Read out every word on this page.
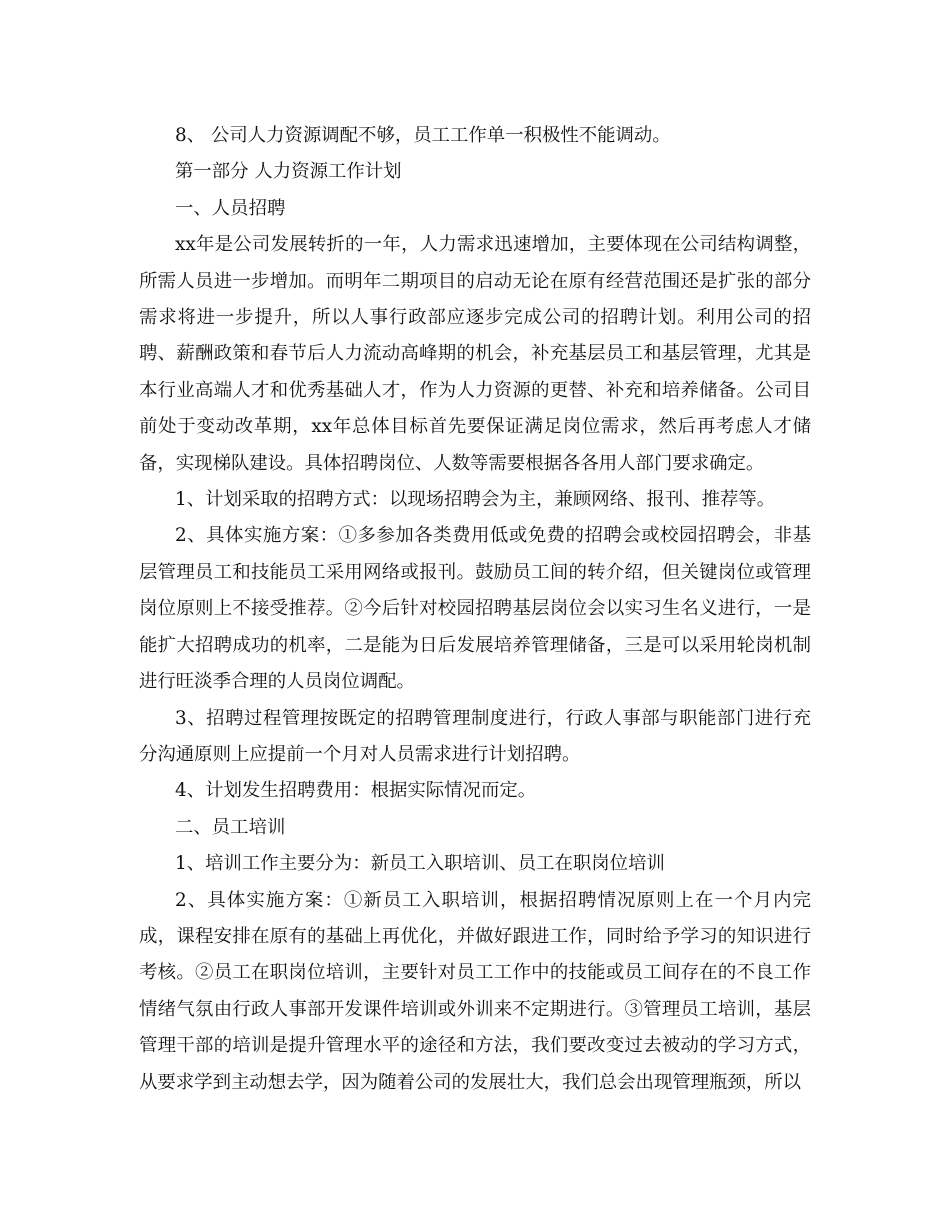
8、 公司人力资源调配不够，员工工作单一积极性不能调动。

第一部分 人力资源工作计划

一、人员招聘

xx年是公司发展转折的一年，人力需求迅速增加，主要体现在公司结构调整，所需人员进一步增加。而明年二期项目的启动无论在原有经营范围还是扩张的部分需求将进一步提升，所以人事行政部应逐步完成公司的招聘计划。利用公司的招聘、薪酬政策和春节后人力流动高峰期的机会，补充基层员工和基层管理，尤其是本行业高端人才和优秀基础人才，作为人力资源的更替、补充和培养储备。公司目前处于变动改革期，xx年总体目标首先要保证满足岗位需求，然后再考虑人才储备，实现梯队建设。具体招聘岗位、人数等需要根据各各用人部门要求确定。

1、计划采取的招聘方式：以现场招聘会为主，兼顾网络、报刊、推荐等。

2、具体实施方案：①多参加各类费用低或免费的招聘会或校园招聘会，非基层管理员工和技能员工采用网络或报刊。鼓励员工间的转介绍，但关键岗位或管理岗位原则上不接受推荐。②今后针对校园招聘基层岗位会以实习生名义进行，一是能扩大招聘成功的机率，二是能为日后发展培养管理储备，三是可以采用轮岗机制进行旺淡季合理的人员岗位调配。

3、招聘过程管理按既定的招聘管理制度进行，行政人事部与职能部门进行充分沟通原则上应提前一个月对人员需求进行计划招聘。

4、计划发生招聘费用：根据实际情况而定。

二、员工培训

1、培训工作主要分为：新员工入职培训、员工在职岗位培训

2、具体实施方案：①新员工入职培训，根据招聘情况原则上在一个月内完成，课程安排在原有的基础上再优化，并做好跟进工作，同时给予学习的知识进行考核。②员工在职岗位培训，主要针对员工工作中的技能或员工间存在的不良工作情绪气氛由行政人事部开发课件培训或外训来不定期进行。③管理员工培训，基层管理干部的培训是提升管理水平的途径和方法，我们要改变过去被动的学习方式，从要求学到主动想去学，因为随着公司的发展壮大，我们总会出现管理瓶颈，所以
